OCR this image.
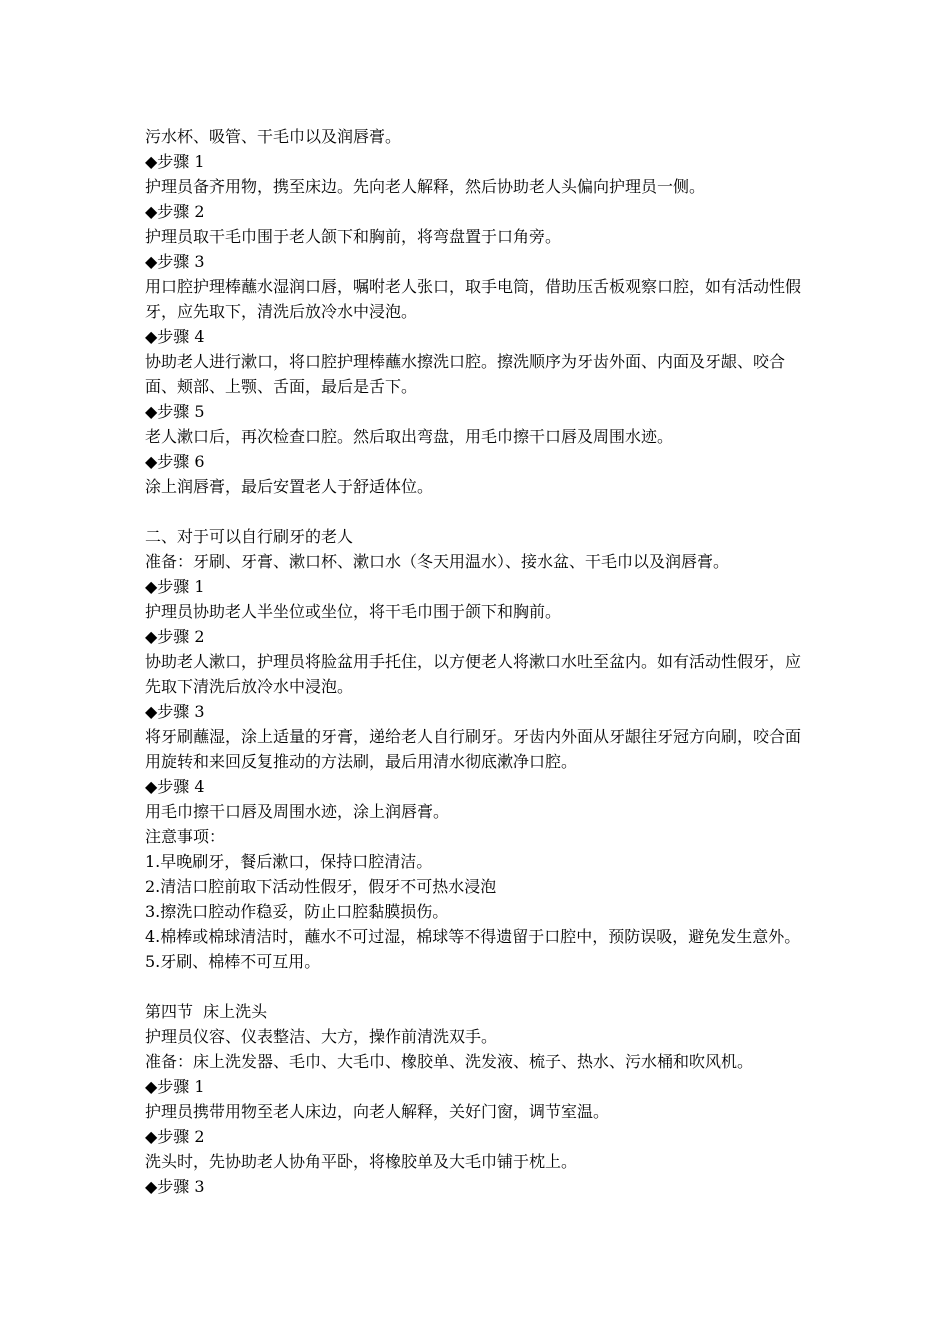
污水杯、吸管、干毛巾以及润唇膏。

◆步骤 1

护理员备齐用物，携至床边。先向老人解释，然后协助老人头偏向护理员一侧。

◆步骤 2

护理员取干毛巾围于老人颌下和胸前，将弯盘置于口角旁。

◆步骤 3

用口腔护理棒蘸水湿润口唇，嘱咐老人张口，取手电筒，借助压舌板观察口腔，如有活动性假牙，应先取下，清洗后放冷水中浸泡。

◆步骤 4

协助老人进行漱口，将口腔护理棒蘸水擦洗口腔。擦洗顺序为牙齿外面、内面及牙龈、咬合面、颊部、上颚、舌面，最后是舌下。

◆步骤 5

老人漱口后，再次检查口腔。然后取出弯盘，用毛巾擦干口唇及周围水迹。

◆步骤 6

涂上润唇膏，最后安置老人于舒适体位。

二、对于可以自行刷牙的老人

准备：牙刷、牙膏、漱口杯、漱口水（冬天用温水）、接水盆、干毛巾以及润唇膏。

◆步骤 1

护理员协助老人半坐位或坐位，将干毛巾围于颌下和胸前。

◆步骤 2

协助老人漱口，护理员将脸盆用手托住，以方便老人将漱口水吐至盆内。如有活动性假牙，应先取下清洗后放冷水中浸泡。

◆步骤 3

将牙刷蘸湿，涂上适量的牙膏，递给老人自行刷牙。牙齿内外面从牙龈往牙冠方向刷，咬合面用旋转和来回反复推动的方法刷，最后用清水彻底漱净口腔。

◆步骤 4

用毛巾擦干口唇及周围水迹，涂上润唇膏。

注意事项：

1.早晚刷牙，餐后漱口，保持口腔清洁。

2.清洁口腔前取下活动性假牙，假牙不可热水浸泡

3.擦洗口腔动作稳妥，防止口腔黏膜损伤。

4.棉棒或棉球清洁时，蘸水不可过湿，棉球等不得遗留于口腔中，预防误吸，避免发生意外。

5.牙刷、棉棒不可互用。

第四节  床上洗头

护理员仪容、仪表整洁、大方，操作前清洗双手。

准备：床上洗发器、毛巾、大毛巾、橡胶单、洗发液、梳子、热水、污水桶和吹风机。

◆步骤 1

护理员携带用物至老人床边，向老人解释，关好门窗，调节室温。

◆步骤 2

洗头时，先协助老人协角平卧，将橡胶单及大毛巾铺于枕上。

◆步骤 3
